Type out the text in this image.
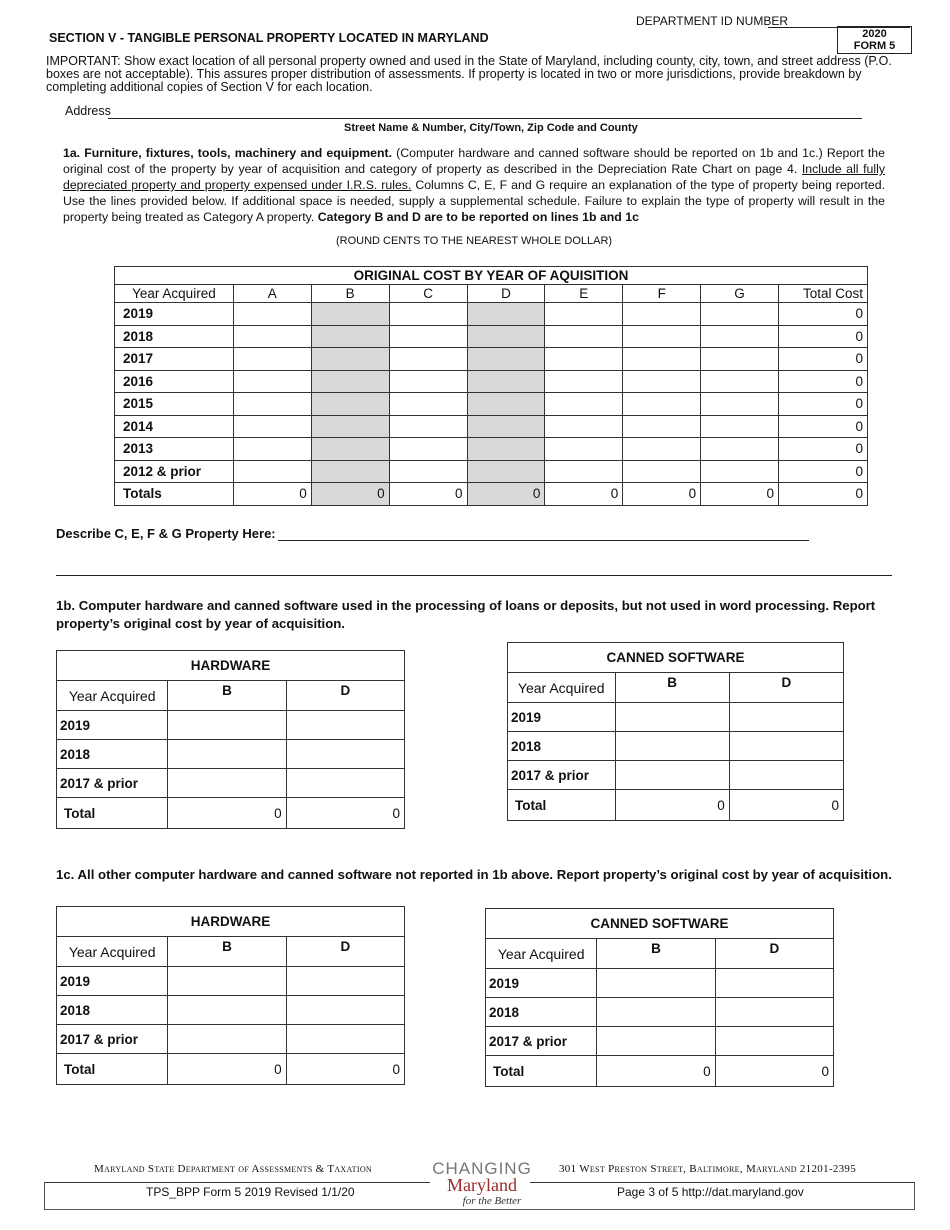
DEPARTMENT ID NUMBER
2020
FORM 5
SECTION V - TANGIBLE PERSONAL PROPERTY LOCATED IN MARYLAND
IMPORTANT: Show exact location of all personal property owned and used in the State of Maryland, including county, city, town, and street address (P.O. boxes are not acceptable). This assures proper distribution of assessments. If property is located in two or more jurisdictions, provide breakdown by completing additional copies of Section V for each location.
Address
Street Name & Number, City/Town, Zip Code and County
1a. Furniture, fixtures, tools, machinery and equipment. (Computer hardware and canned software should be reported on 1b and 1c.) Report the original cost of the property by year of acquisition and category of property as described in the Depreciation Rate Chart on page 4. Include all fully depreciated property and property expensed under I.R.S. rules. Columns C, E, F and G require an explanation of the type of property being reported. Use the lines provided below. If additional space is needed, supply a supplemental schedule. Failure to explain the type of property will result in the property being treated as Category A property. Category B and D are to be reported on lines 1b and 1c
(ROUND CENTS TO THE NEAREST WHOLE DOLLAR)
ORIGINAL COST BY YEAR OF AQUISITION								
Year Acquired	A	B	C	D	E	F	G	Total Cost
2019								0
2018								0
2017								0
2016								0
2015								0
2014								0
2013								0
2012 & prior								0
Totals	0	0	0	0	0	0	0	0
Describe C, E, F & G Property Here:
1b. Computer hardware and canned software used in the processing of loans or deposits, but not used in word processing. Report property’s original cost by year of acquisition.
HARDWARE		
Year Acquired	B	D
2019		
2018		
2017 & prior		
Total	0	0
CANNED SOFTWARE		
Year Acquired	B	D
2019		
2018		
2017 & prior		
Total	0	0
1c. All other computer hardware and canned software not reported in 1b above. Report property’s original cost by year of acquisition.
HARDWARE		
Year Acquired	B	D
2019		
2018		
2017 & prior		
Total	0	0
CANNED SOFTWARE		
Year Acquired	B	D
2019		
2018		
2017 & prior		
Total	0	0
Maryland State Department of Assessments & Taxation	301 West Preston Street, Baltimore, Maryland 21201-2395
CHANGING
Maryland
for the Better
TPS_BPP Form 5 2019 Revised 1/1/20	Page 3 of 5 http://dat.maryland.gov
